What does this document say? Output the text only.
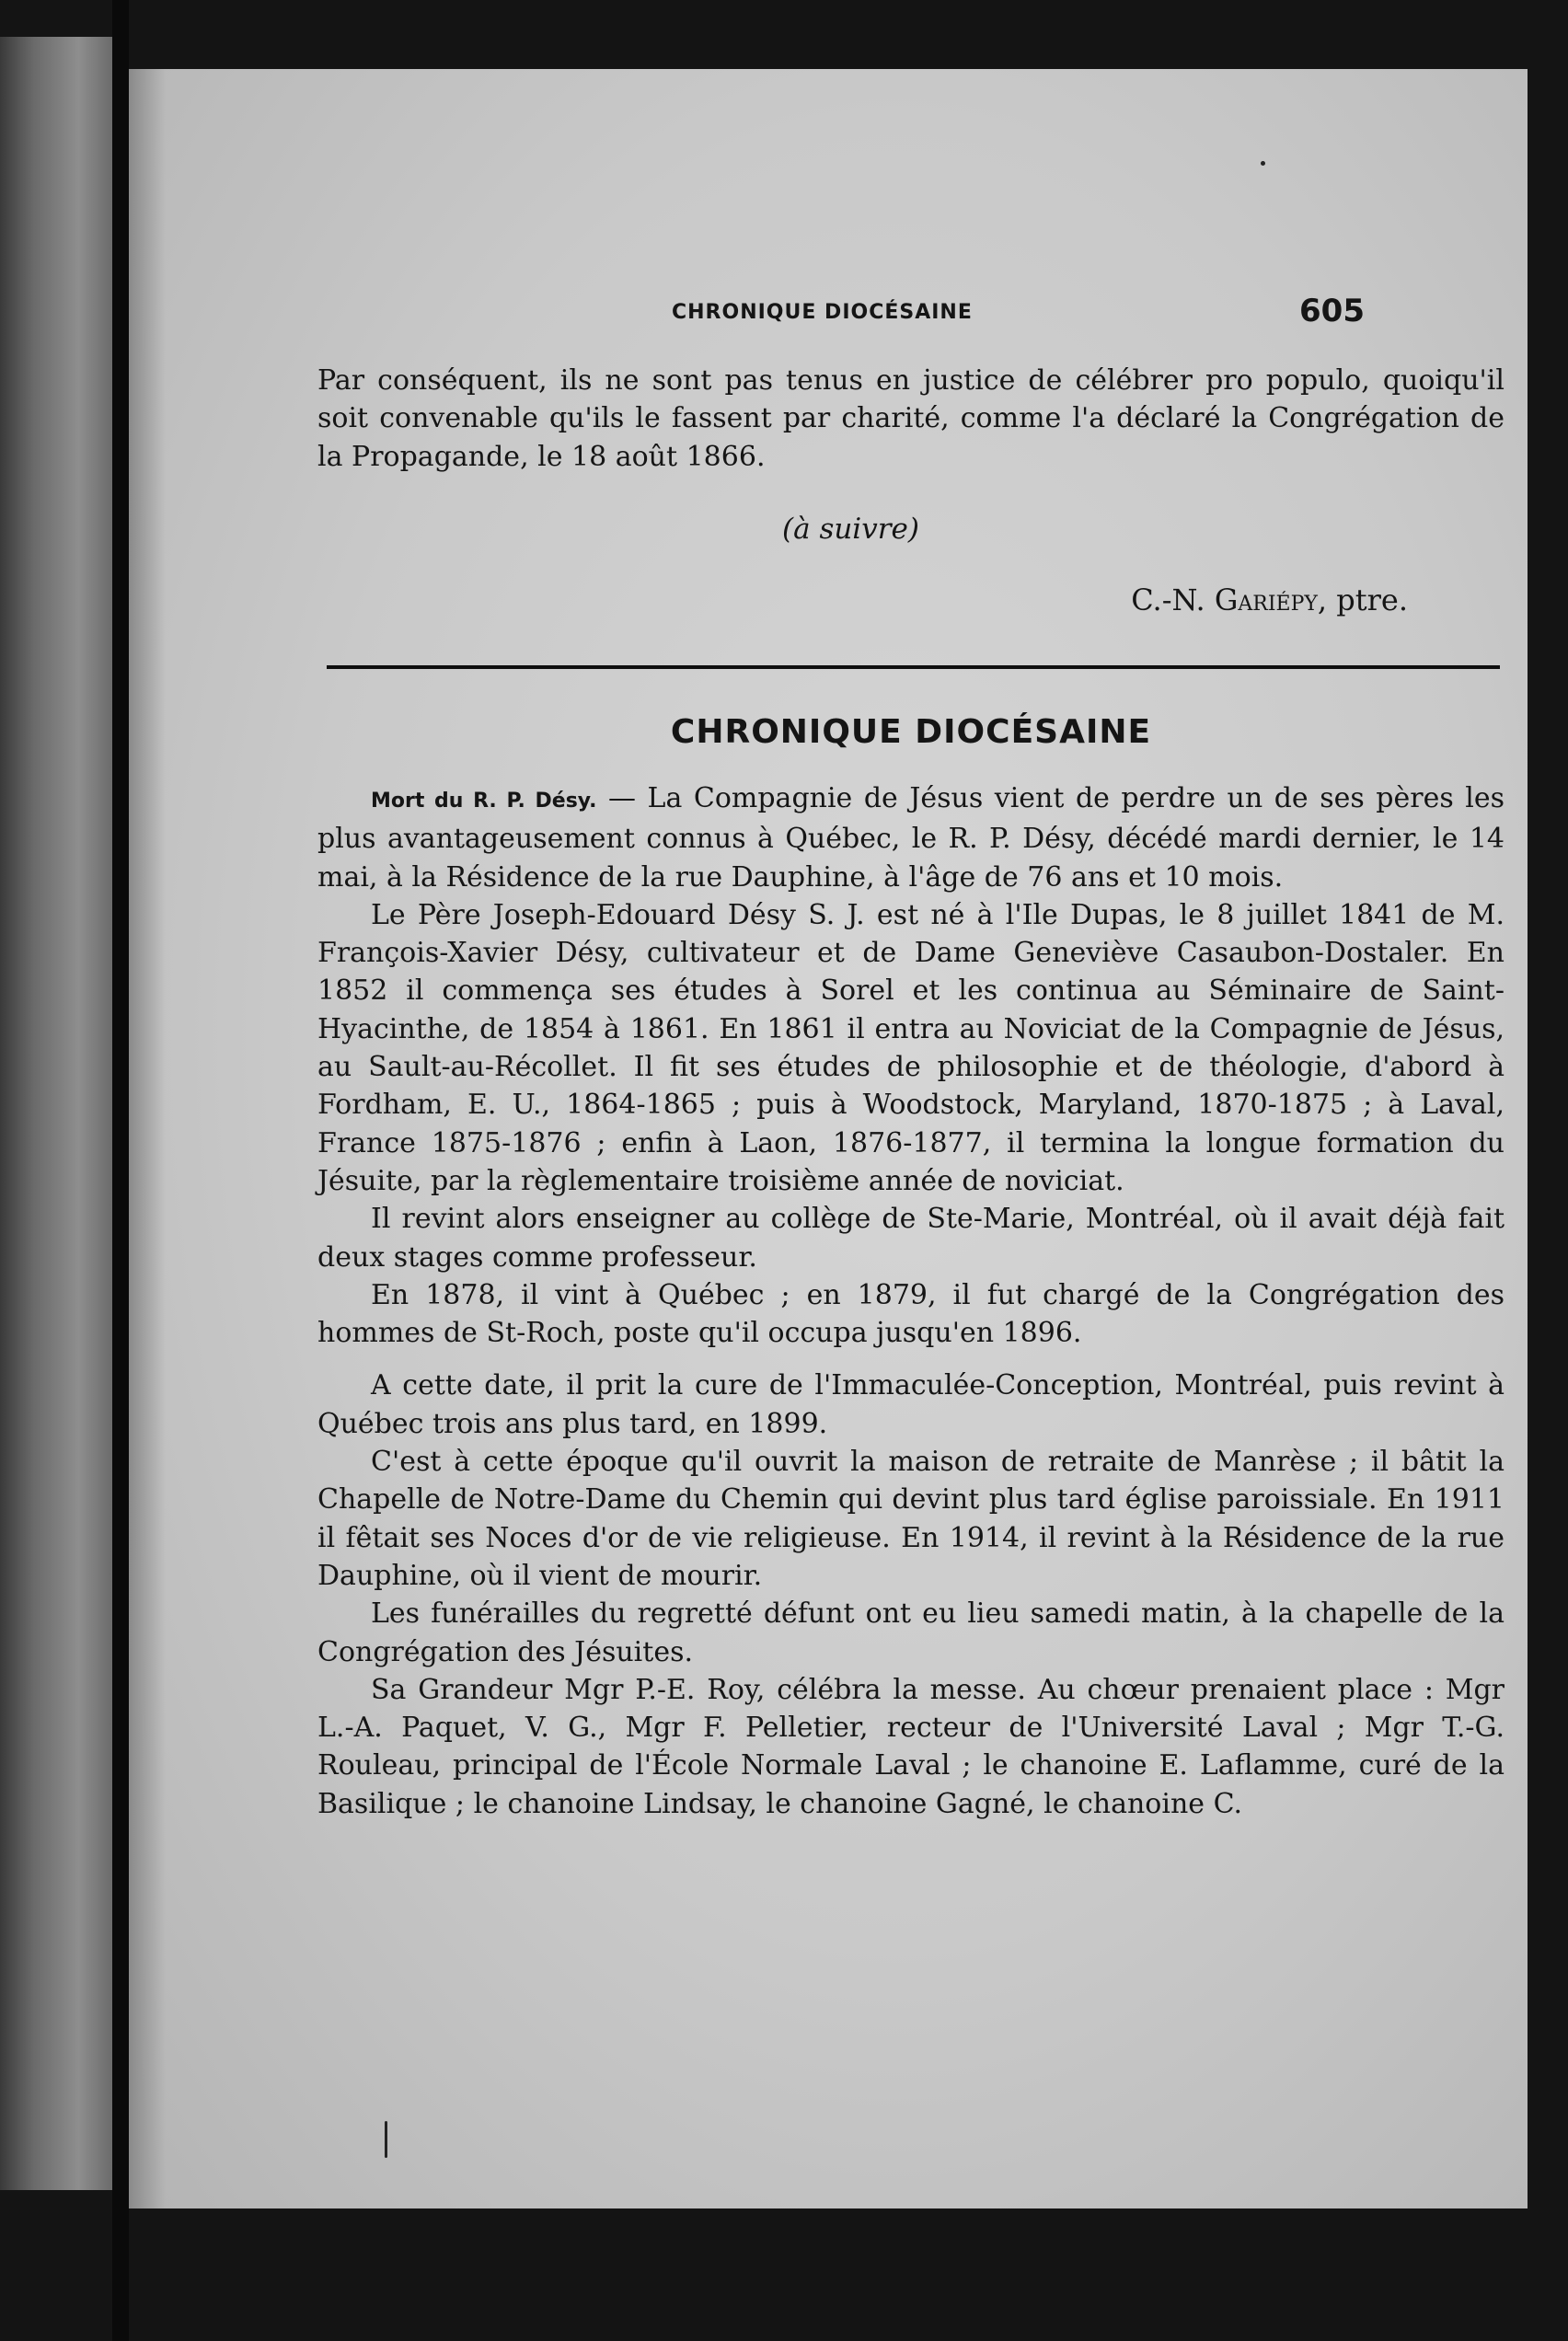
CHRONIQUE DIOCÉSAINE	605

Par conséquent, ils ne sont pas tenus en justice de célébrer pro populo, quoiqu'il soit convenable qu'ils le fassent par charité, comme l'a déclaré la Congrégation de la Propagande, le 18 août 1866.

(à suivre)
C.-N. Gariépy, ptre.
CHRONIQUE DIOCÉSAINE

Mort du R. P. Désy. — La Compagnie de Jésus vient de perdre un de ses pères les plus avantageusement connus à Québec, le R. P. Désy, décédé mardi dernier, le 14 mai, à la Résidence de la rue Dauphine, à l'âge de 76 ans et 10 mois.

Le Père Joseph-Edouard Désy S. J. est né à l'Ile Dupas, le 8 juillet 1841 de M. François-Xavier Désy, cultivateur et de Dame Geneviève Casaubon-Dostaler. En 1852 il commença ses études à Sorel et les continua au Séminaire de Saint-Hyacinthe, de 1854 à 1861. En 1861 il entra au Noviciat de la Compagnie de Jésus, au Sault-au-Récollet. Il fit ses études de philosophie et de théologie, d'abord à Fordham, E. U., 1864-1865 ; puis à Woodstock, Maryland, 1870-1875 ; à Laval, France 1875-1876 ; enfin à Laon, 1876-1877, il termina la longue formation du Jésuite, par la règlementaire troisième année de noviciat.

Il revint alors enseigner au collège de Ste-Marie, Montréal, où il avait déjà fait deux stages comme professeur.

En 1878, il vint à Québec ; en 1879, il fut chargé de la Congrégation des hommes de St-Roch, poste qu'il occupa jusqu'en 1896.

A cette date, il prit la cure de l'Immaculée-Conception, Montréal, puis revint à Québec trois ans plus tard, en 1899.

C'est à cette époque qu'il ouvrit la maison de retraite de Manrèse ; il bâtit la Chapelle de Notre-Dame du Chemin qui devint plus tard église paroissiale. En 1911 il fêtait ses Noces d'or de vie religieuse. En 1914, il revint à la Résidence de la rue Dauphine, où il vient de mourir.

Les funérailles du regretté défunt ont eu lieu samedi matin, à la chapelle de la Congrégation des Jésuites.

Sa Grandeur Mgr P.-E. Roy, célébra la messe. Au chœur prenaient place : Mgr L.-A. Paquet, V. G., Mgr F. Pelletier, recteur de l'Université Laval ; Mgr T.-G. Rouleau, principal de l'École Normale Laval ; le chanoine E. Laflamme, curé de la Basilique ; le chanoine Lindsay, le chanoine Gagné, le chanoine C.
